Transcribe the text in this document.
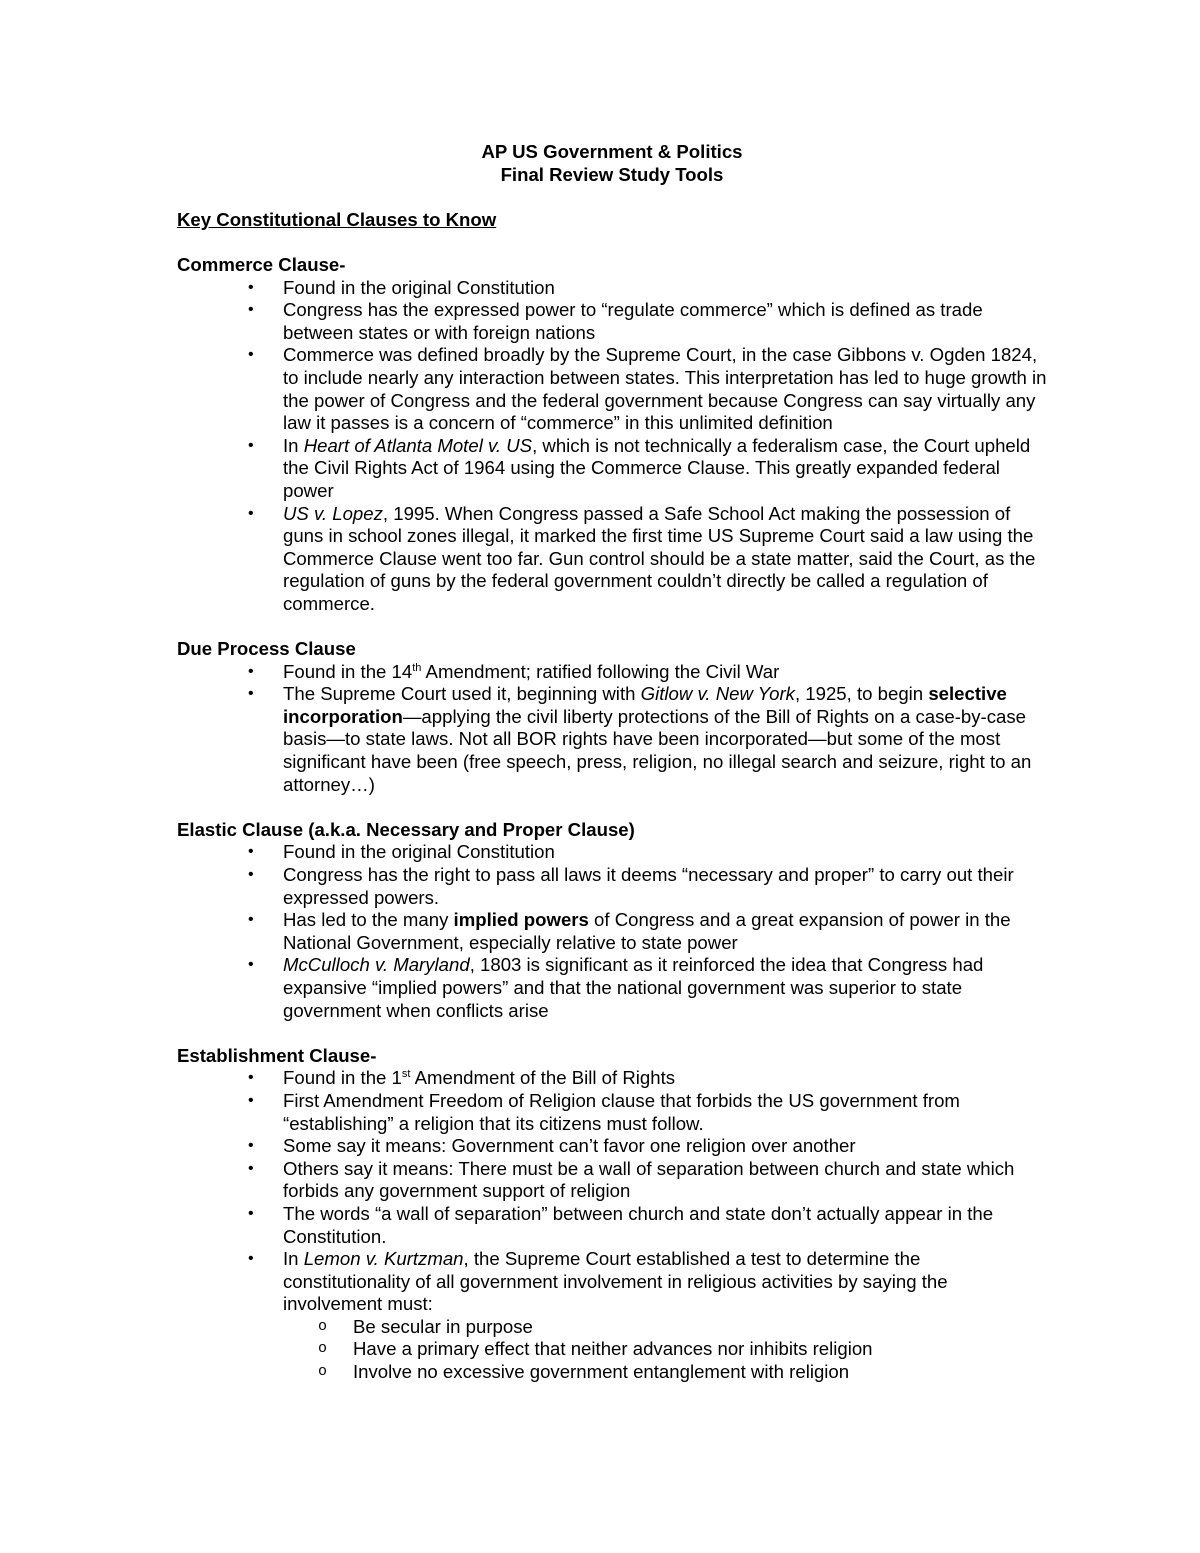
AP US Government & Politics
Final Review Study Tools
Key Constitutional Clauses to Know
Commerce Clause-
• Found in the original Constitution
• Congress has the expressed power to “regulate commerce” which is defined as trade between states or with foreign nations
• Commerce was defined broadly by the Supreme Court, in the case Gibbons v. Ogden 1824, to include nearly any interaction between states. This interpretation has led to huge growth in the power of Congress and the federal government because Congress can say virtually any law it passes is a concern of “commerce” in this unlimited definition
• In Heart of Atlanta Motel v. US, which is not technically a federalism case, the Court upheld the Civil Rights Act of 1964 using the Commerce Clause. This greatly expanded federal power
• US v. Lopez, 1995. When Congress passed a Safe School Act making the possession of guns in school zones illegal, it marked the first time US Supreme Court said a law using the Commerce Clause went too far. Gun control should be a state matter, said the Court, as the regulation of guns by the federal government couldn’t directly be called a regulation of commerce.
Due Process Clause
• Found in the 14th Amendment; ratified following the Civil War
• The Supreme Court used it, beginning with Gitlow v. New York, 1925, to begin selective incorporation—applying the civil liberty protections of the Bill of Rights on a case-by-case basis—to state laws. Not all BOR rights have been incorporated—but some of the most significant have been (free speech, press, religion, no illegal search and seizure, right to an attorney…)
Elastic Clause (a.k.a. Necessary and Proper Clause)
• Found in the original Constitution
• Congress has the right to pass all laws it deems “necessary and proper” to carry out their expressed powers.
• Has led to the many implied powers of Congress and a great expansion of power in the National Government, especially relative to state power
• McCulloch v. Maryland, 1803 is significant as it reinforced the idea that Congress had expansive “implied powers” and that the national government was superior to state government when conflicts arise
Establishment Clause-
• Found in the 1st Amendment of the Bill of Rights
• First Amendment Freedom of Religion clause that forbids the US government from “establishing” a religion that its citizens must follow.
• Some say it means: Government can’t favor one religion over another
• Others say it means: There must be a wall of separation between church and state which forbids any government support of religion
• The words “a wall of separation” between church and state don’t actually appear in the Constitution.
• In Lemon v. Kurtzman, the Supreme Court established a test to determine the constitutionality of all government involvement in religious activities by saying the involvement must:
o Be secular in purpose
o Have a primary effect that neither advances nor inhibits religion
o Involve no excessive government entanglement with religion
